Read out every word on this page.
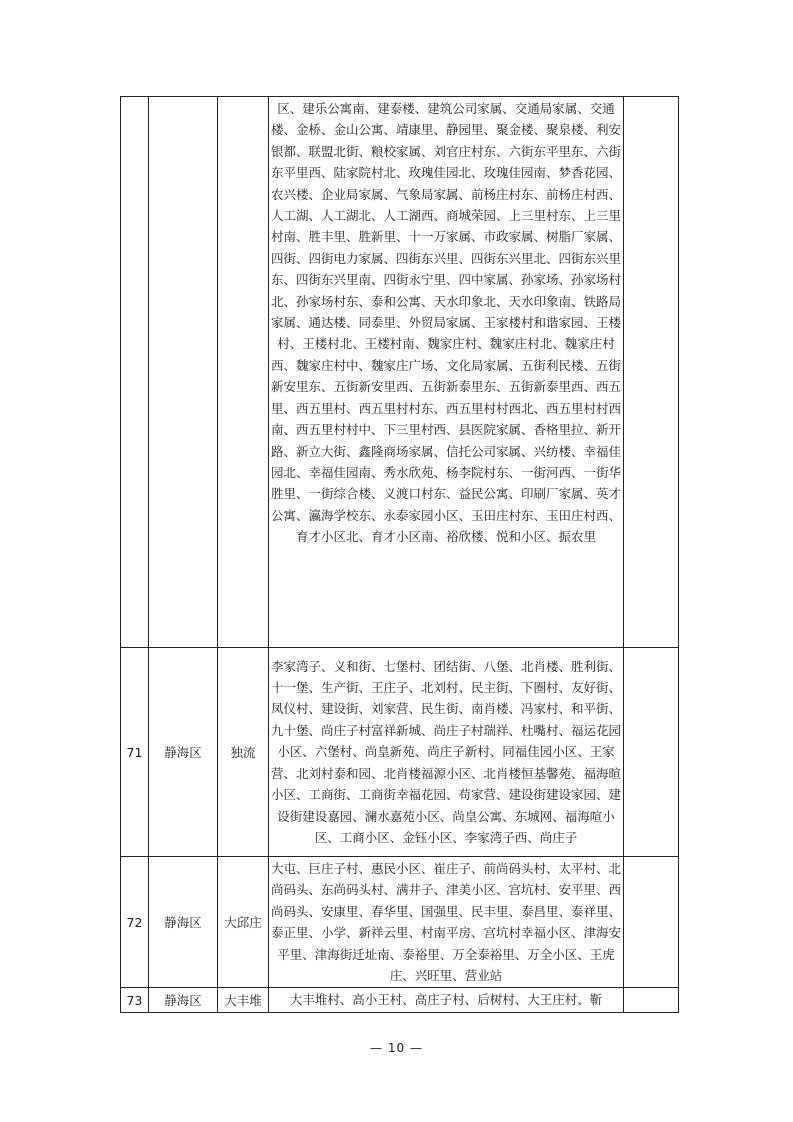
			区、建乐公寓南、建泰楼、建筑公司家属、交通局家属、交通楼、金桥、金山公寓、靖康里、静园里、聚金楼、聚泉楼、利安银都、联盟北街、粮校家属、刘官庄村东、六街东平里东、六街东平里西、陆家院村北、玫瑰佳园北、玫瑰佳园南、梦香花园、农兴楼、企业局家属、气象局家属、前杨庄村东、前杨庄村西、人工湖、人工湖北、人工湖西、商城荣园、上三里村东、上三里村南、胜丰里、胜新里、十一万家属、市政家属、树脂厂家属、四街、四街电力家属、四街东兴里、四街东兴里北、四街东兴里东、四街东兴里南、四街永宁里、四中家属、孙家场、孙家场村北、孙家场村东、泰和公寓、天水印象北、天水印象南、铁路局家属、通达楼、同泰里、外贸局家属、王家楼村和谐家园、王楼村、王楼村北、王楼村南、魏家庄村、魏家庄村北、魏家庄村西、魏家庄村中、魏家庄广场、文化局家属、五街利民楼、五街新安里东、五街新安里西、五街新泰里东、五街新泰里西、西五里、西五里村、西五里村村东、西五里村村西北、西五里村村西南、西五里村村中、下三里村西、县医院家属、香格里拉、新开路、新立大街、鑫隆商场家属、信托公司家属、兴纺楼、幸福佳园北、幸福佳园南、秀水欣苑、杨李院村东、一街河西、一街华胜里、一街综合楼、义渡口村东、益民公寓、印刷厂家属、英才公寓、瀛海学校东、永泰家园小区、玉田庄村东、玉田庄村西、育才小区北、育才小区南、裕欣楼、悦和小区、振农里	
71	静海区	独流	李家湾子、义和街、七堡村、团结街、八堡、北肖楼、胜利街、十一堡、生产街、王庄子、北刘村、民主街、下圈村、友好街、凤仪村、建设街、刘家营、民生街、南肖楼、冯家村、和平街、九十堡、尚庄子村富祥新城、尚庄子村瑞祥、杜嘴村、福运花园小区、六堡村、尚皇新苑、尚庄子新村、同福佳园小区、王家营、北刘村泰和园、北肖楼福源小区、北肖楼恒基馨苑、福海暄小区、工商街、工商街幸福花园、苟家营、建设街建设家园、建设街建设嘉园、澜水嘉苑小区、尚皇公寓、东城网、福海喧小区、工商小区、金钰小区、李家湾子西、尚庄子	
72	静海区	大邱庄	大屯、巨庄子村、惠民小区、崔庄子、前尚码头村、太平村、北尚码头、东尚码头村、满井子、津美小区、宫坑村、安平里、西尚码头、安康里、春华里、国强里、民丰里、泰昌里、泰祥里、泰正里、小学、新祥云里、村南平房、宫坑村幸福小区、津海安平里、津海街迁址南、泰裕里、万全泰裕里、万全小区、王虎庄、兴旺里、营业站	
73	静海区	大丰堆	大丰堆村、高小王村、高庄子村、后树村、大王庄村、靳	
— 10 —
